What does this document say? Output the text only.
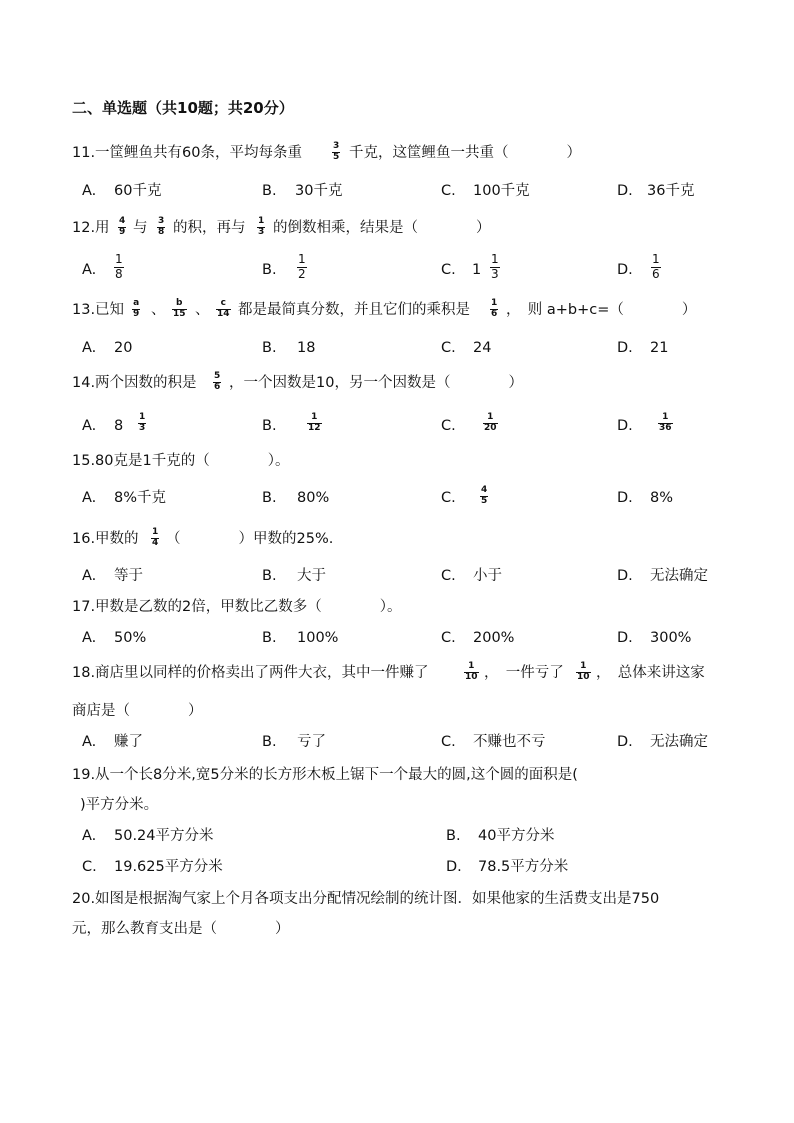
二、单选题（共10题；共20分）
11.一筐鲤鱼共有60条，平均每条重	$\frac{3}{5}$ 千克，这筐鲤鱼一共重（　　　　）
A. 60千克	B. 30千克	C. 100千克	D. 36千克
12.用 $\frac{4}{9}$ 与 $\frac{3}{8}$ 的积，再与 $\frac{1}{3}$ 的倒数相乘，结果是（　　　　）
A. $\frac{1}{8}$	B. $\frac{1}{2}$	C. $1 \frac{1}{3}$	D. $\frac{1}{6}$
13.已知 $\frac{a}{9}$ 、 $\frac{b}{15}$ 、 $\frac{c}{14}$ 都是最简真分数，并且它们的乘积是 $\frac{1}{6}$ ，　则 a+b+c=（　　　　）
A. 20	B. 18	C. 24	D. 21
14.两个因数的积是 $\frac{5}{6}$ ，一个因数是10，另一个因数是（　　　　）
A. $8 \frac{1}{3}$	B.	$\frac{1}{12}$	C.	$\frac{1}{20}$	D.	$\frac{1}{36}$
15.80克是1千克的（　　　　）。
A. 8%千克	B. 80%	C.	$\frac{4}{5}$	D. 8%
16.甲数的 $\frac{1}{4}$ （　　　　）甲数的25%.
A. 等于	B. 大于	C. 小于	D. 无法确定
17.甲数是乙数的2倍，甲数比乙数多（　　　　）。
A. 50%	B. 100%	C. 200%	D. 300%
18.商店里以同样的价格卖出了两件大衣，其中一件赚了	$\frac{1}{10}$ ，　一件亏了 $\frac{1}{10}$ ，　总体来讲这家
商店是（　　　　）
A. 赚了	B. 亏了	C. 不赚也不亏	D. 无法确定
19.从一个长8分米,宽5分米的长方形木板上锯下一个最大的圆,这个圆的面积是(
)平方分米。
A. 50.24平方分米	B. 40平方分米
C. 19.625平方分米	D. 78.5平方分米
20.如图是根据淘气家上个月各项支出分配情况绘制的统计图．如果他家的生活费支出是750
元，那么教育支出是（　　　　）
